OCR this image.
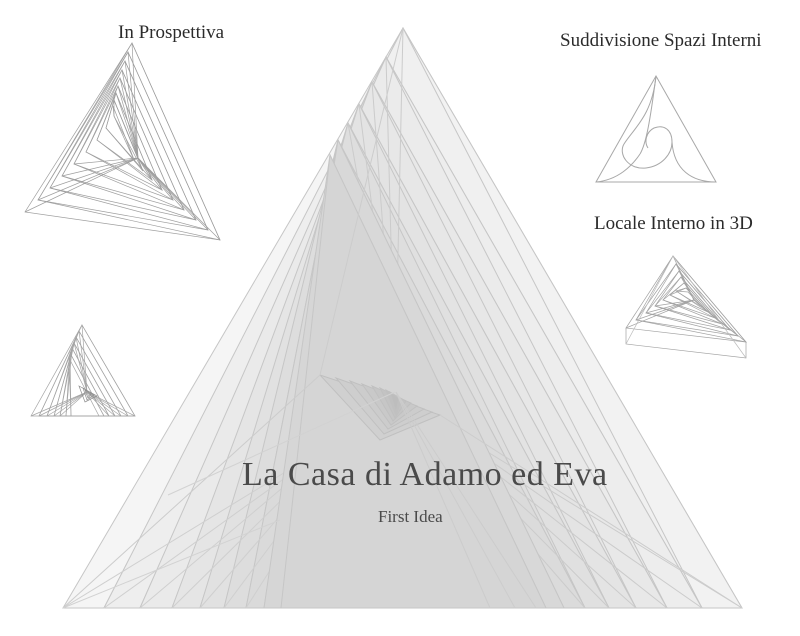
In Prospettiva	Suddivisione Spazi Interni
Locale Interno in 3D
La Casa di Adamo ed Eva
First Idea
